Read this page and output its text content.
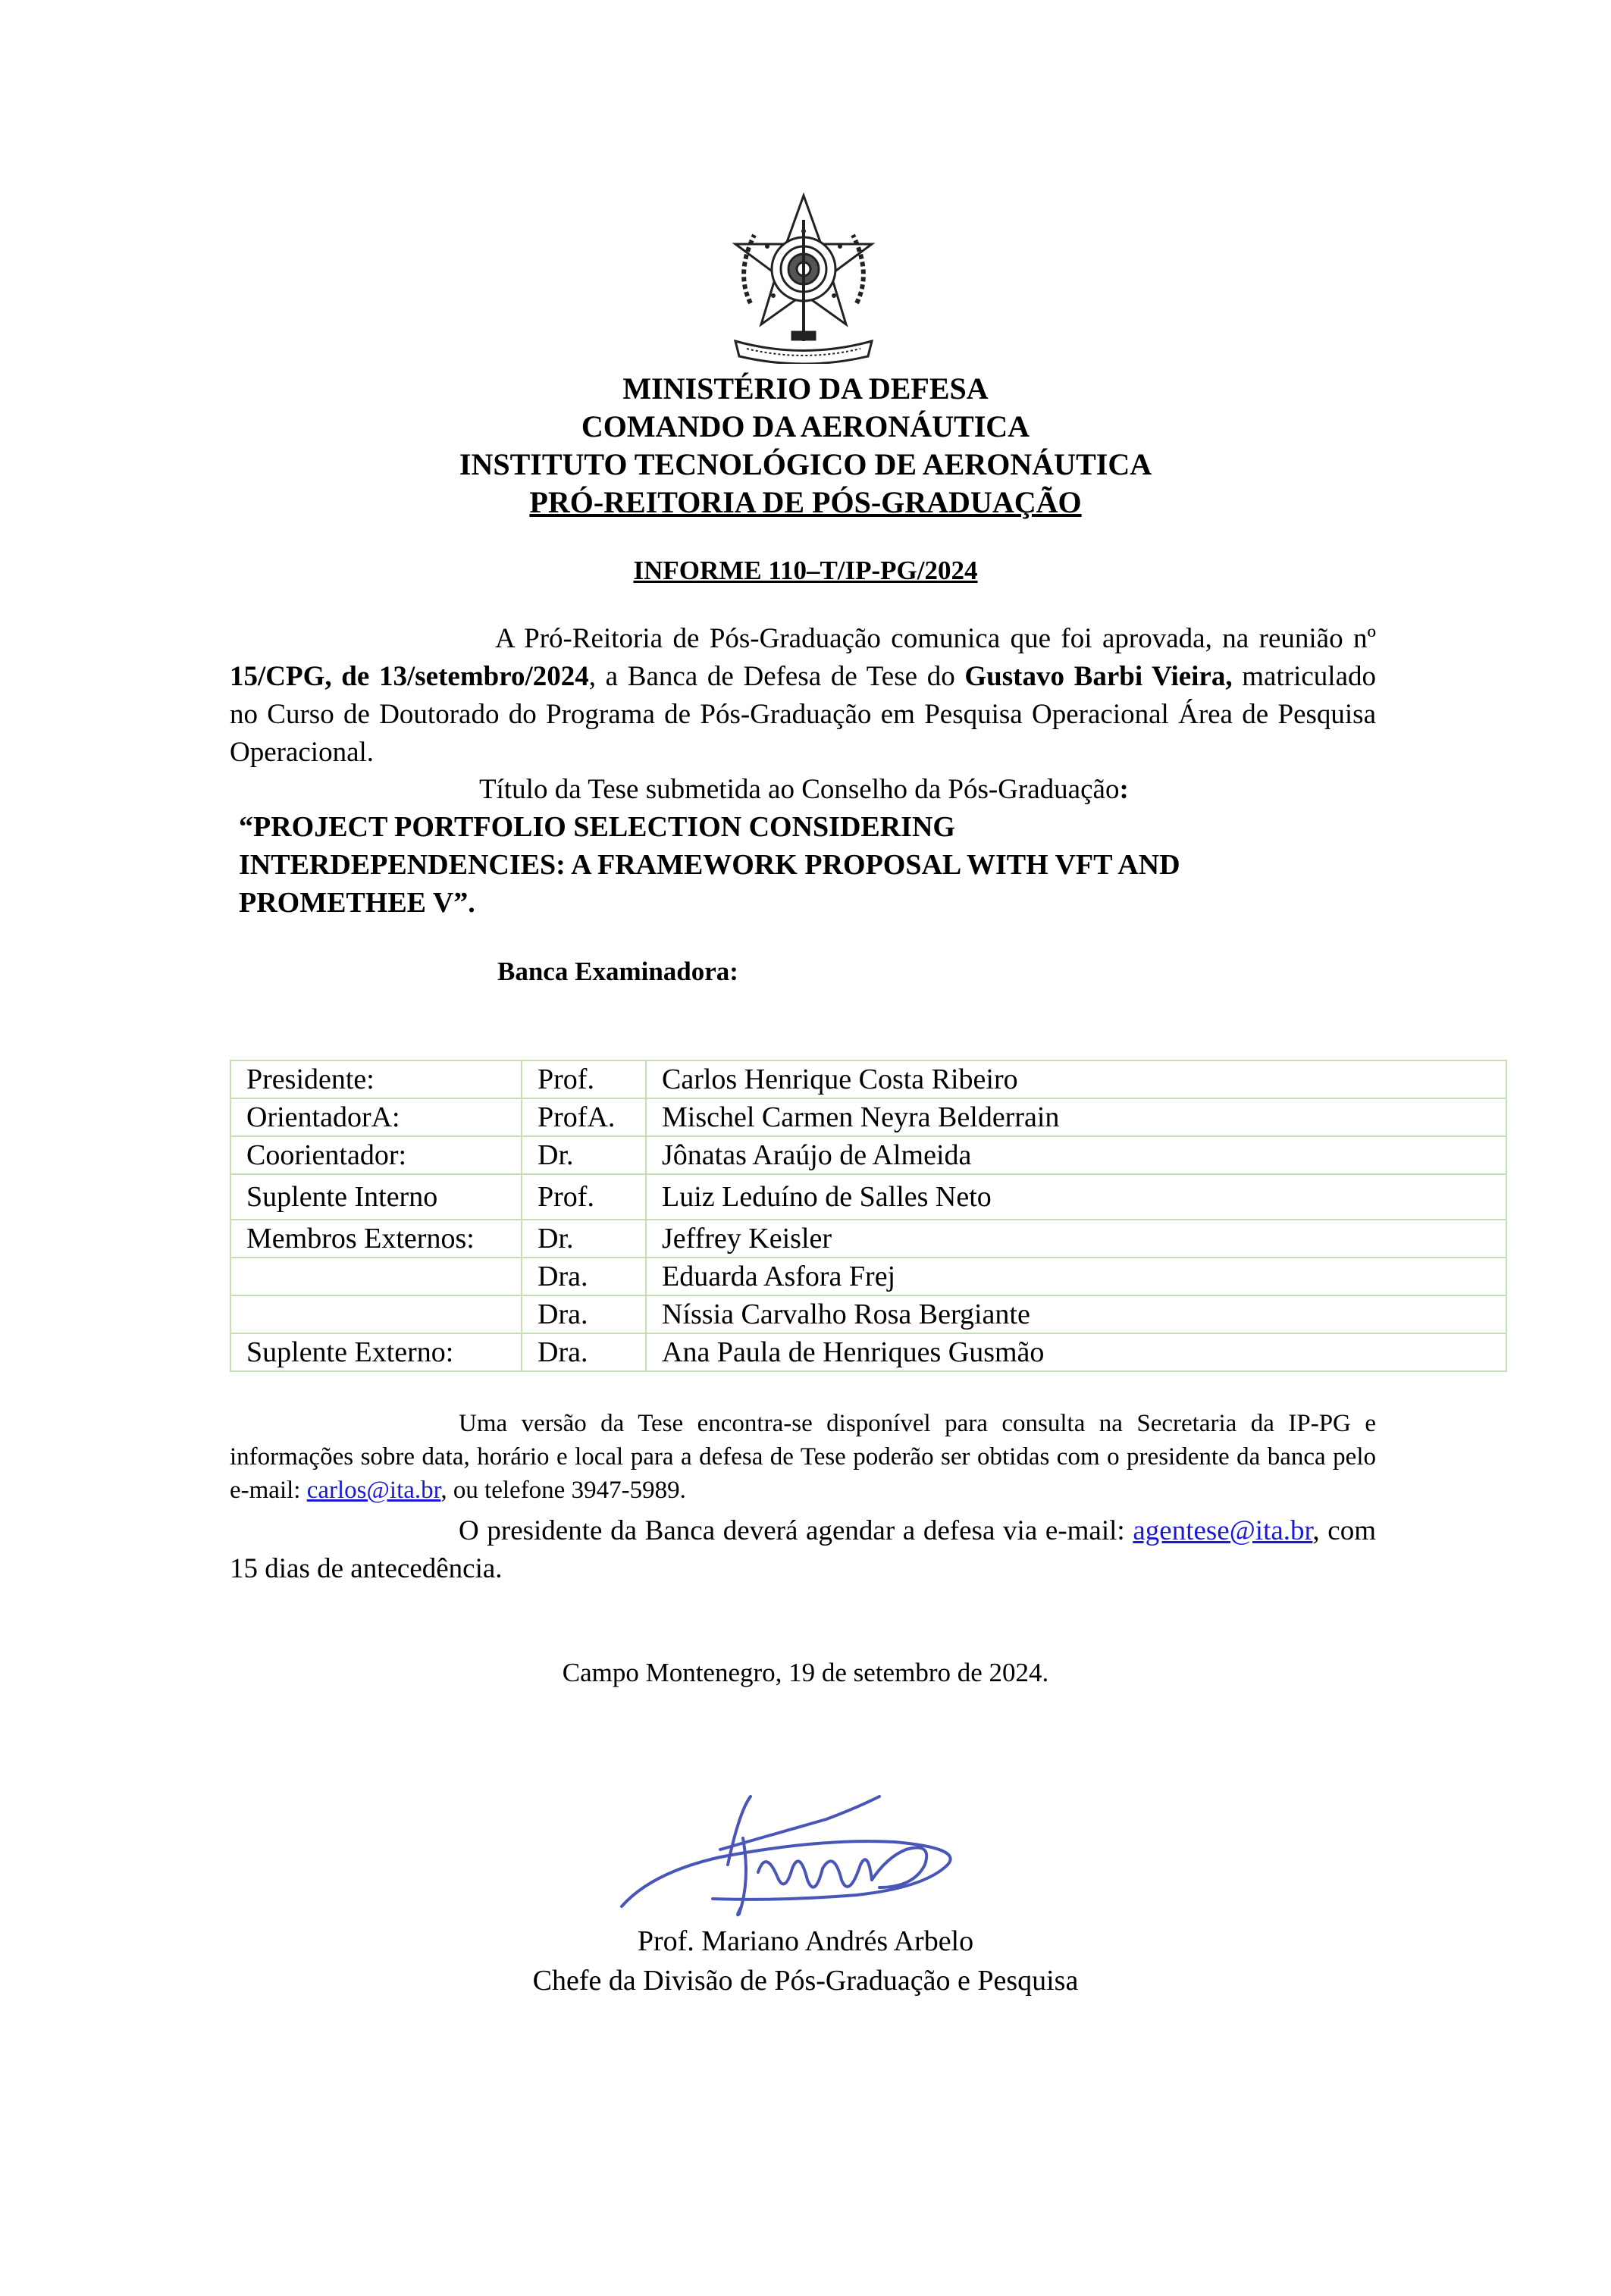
MINISTÉRIO DA DEFESA
COMANDO DA AERONÁUTICA
INSTITUTO TECNOLÓGICO DE AERONÁUTICA
PRÓ-REITORIA DE PÓS-GRADUAÇÃO
INFORME 110–T/IP-PG/2024
A Pró-Reitoria de Pós-Graduação comunica que foi aprovada, na reunião nº 15/CPG, de 13/setembro/2024, a Banca de Defesa de Tese do Gustavo Barbi Vieira, matriculado no Curso de Doutorado do Programa de Pós-Graduação em Pesquisa Operacional Área de Pesquisa Operacional.
Título da Tese submetida ao Conselho da Pós-Graduação:
“PROJECT PORTFOLIO SELECTION CONSIDERING
INTERDEPENDENCIES: A FRAMEWORK PROPOSAL WITH VFT AND
PROMETHEE V”.
Banca Examinadora:
Presidente:	Prof.	Carlos Henrique Costa Ribeiro
OrientadorA:	ProfA.	Mischel Carmen Neyra Belderrain
Coorientador:	Dr.	Jônatas Araújo de Almeida
Suplente Interno	Prof.	Luiz Leduíno de Salles Neto
Membros Externos:	Dr.	Jeffrey Keisler
	Dra.	Eduarda Asfora Frej
	Dra.	Níssia Carvalho Rosa Bergiante
Suplente Externo:	Dra.	Ana Paula de Henriques Gusmão
Uma versão da Tese encontra-se disponível para consulta na Secretaria da IP-PG e informações sobre data, horário e local para a defesa de Tese poderão ser obtidas com o presidente da banca pelo e-mail: carlos@ita.br, ou telefone 3947-5989.
O presidente da Banca deverá agendar a defesa via e-mail: agentese@ita.br, com 15 dias de antecedência.
Campo Montenegro, 19 de setembro de 2024.
Prof. Mariano Andrés Arbelo
Chefe da Divisão de Pós-Graduação e Pesquisa
